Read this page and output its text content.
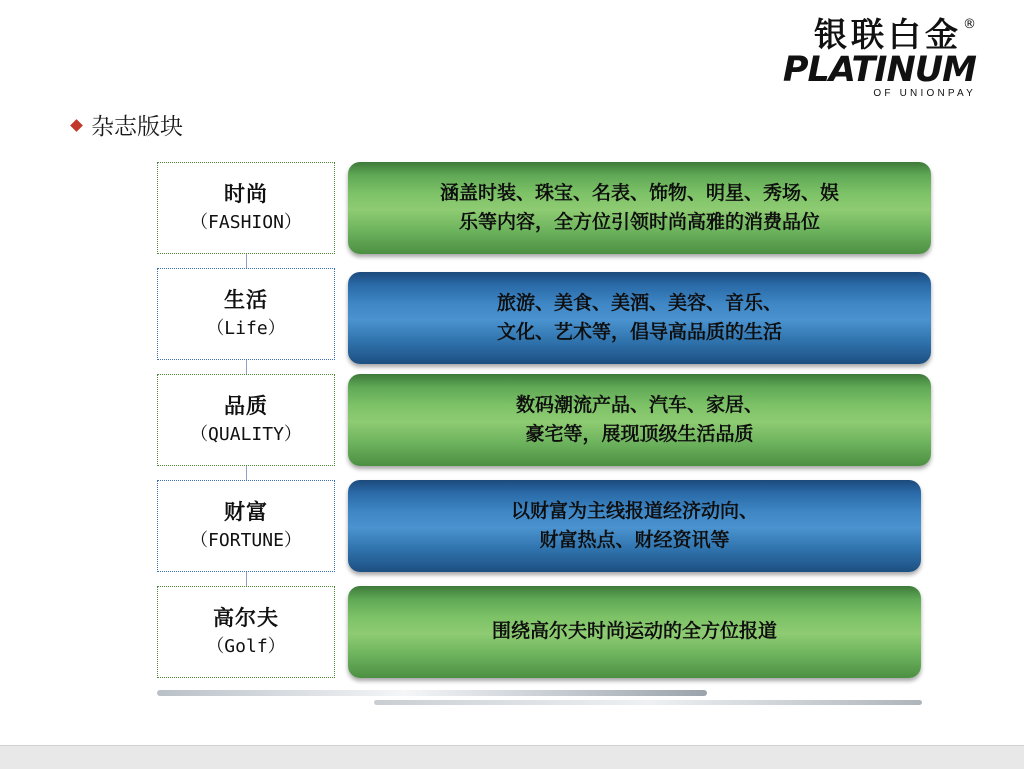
银联白金 ®
PLATINUM
OF UNIONPAY
杂志版块
时尚
（FASHION）
涵盖时装、珠宝、名表、饰物、明星、秀场、娱
乐等内容，全方位引领时尚高雅的消费品位
生活
（Life）
旅游、美食、美酒、美容、音乐、
文化、艺术等，倡导高品质的生活
品质
（QUALITY）
数码潮流产品、汽车、家居、
豪宅等，展现顶级生活品质
财富
（FORTUNE）
以财富为主线报道经济动向、
财富热点、财经资讯等
高尔夫
（Golf）
围绕高尔夫时尚运动的全方位报道
